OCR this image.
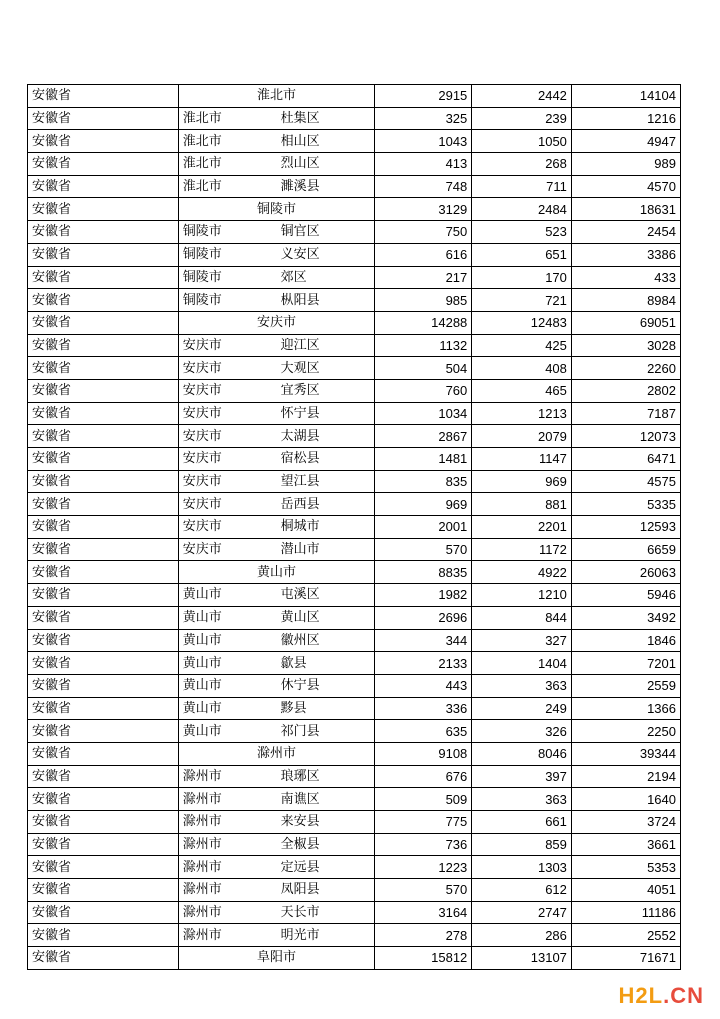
安徽省	淮北市		2915	2442	14104
安徽省	淮北市	杜集区	325	239	1216
安徽省	淮北市	相山区	1043	1050	4947
安徽省	淮北市	烈山区	413	268	989
安徽省	淮北市	濉溪县	748	711	4570
安徽省	铜陵市		3129	2484	18631
安徽省	铜陵市	铜官区	750	523	2454
安徽省	铜陵市	义安区	616	651	3386
安徽省	铜陵市	郊区	217	170	433
安徽省	铜陵市	枞阳县	985	721	8984
安徽省	安庆市		14288	12483	69051
安徽省	安庆市	迎江区	1132	425	3028
安徽省	安庆市	大观区	504	408	2260
安徽省	安庆市	宜秀区	760	465	2802
安徽省	安庆市	怀宁县	1034	1213	7187
安徽省	安庆市	太湖县	2867	2079	12073
安徽省	安庆市	宿松县	1481	1147	6471
安徽省	安庆市	望江县	835	969	4575
安徽省	安庆市	岳西县	969	881	5335
安徽省	安庆市	桐城市	2001	2201	12593
安徽省	安庆市	潜山市	570	1172	6659
安徽省	黄山市		8835	4922	26063
安徽省	黄山市	屯溪区	1982	1210	5946
安徽省	黄山市	黄山区	2696	844	3492
安徽省	黄山市	徽州区	344	327	1846
安徽省	黄山市	歙县	2133	1404	7201
安徽省	黄山市	休宁县	443	363	2559
安徽省	黄山市	黟县	336	249	1366
安徽省	黄山市	祁门县	635	326	2250
安徽省	滁州市		9108	8046	39344
安徽省	滁州市	琅琊区	676	397	2194
安徽省	滁州市	南谯区	509	363	1640
安徽省	滁州市	来安县	775	661	3724
安徽省	滁州市	全椒县	736	859	3661
安徽省	滁州市	定远县	1223	1303	5353
安徽省	滁州市	凤阳县	570	612	4051
安徽省	滁州市	天长市	3164	2747	11186
安徽省	滁州市	明光市	278	286	2552
安徽省	阜阳市		15812	13107	71671
H2L.CN
